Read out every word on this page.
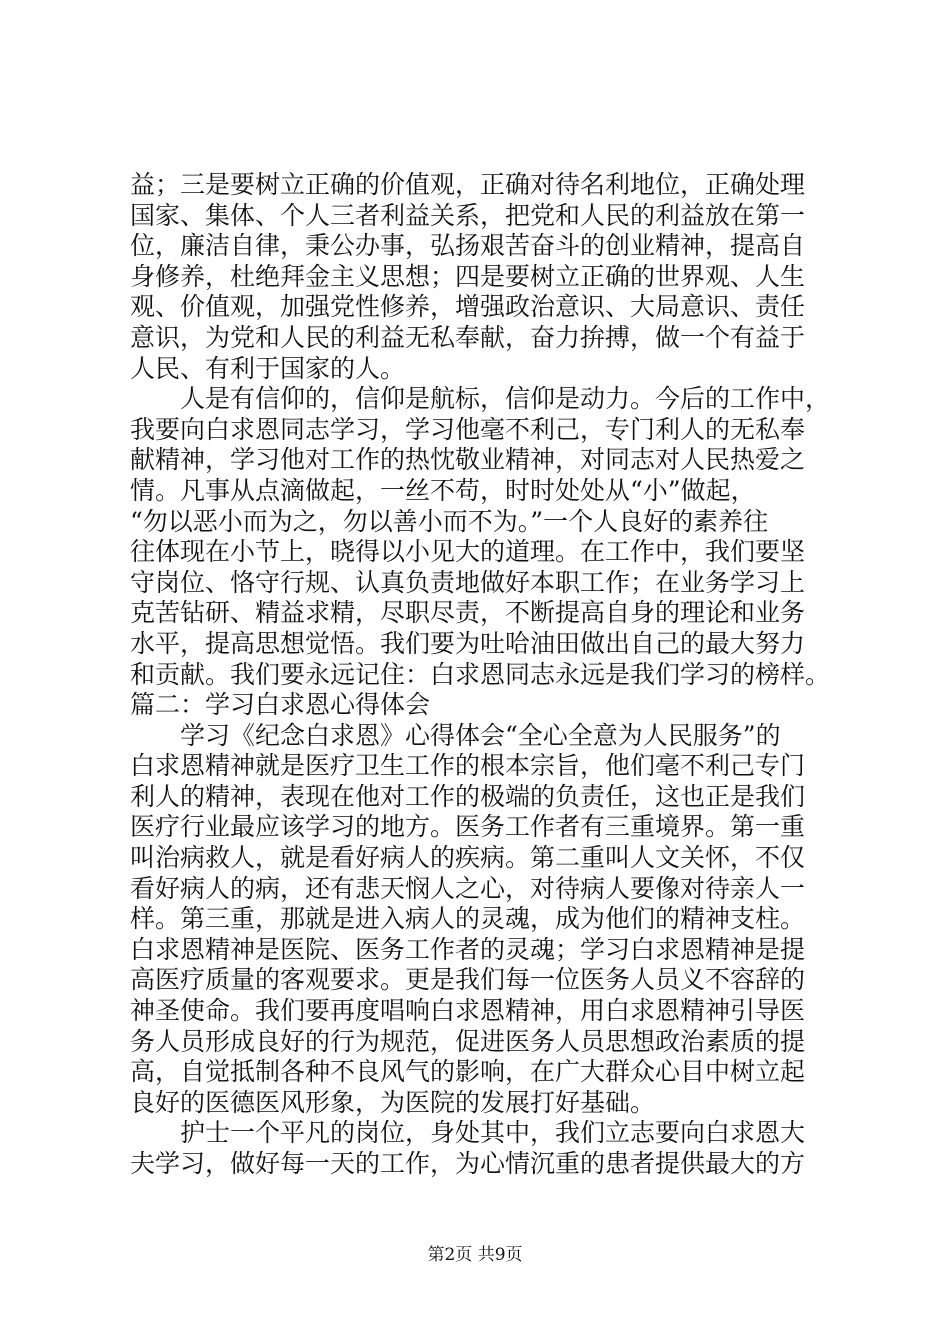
益；三是要树立正确的价值观，正确对待名利地位，正确处理
国家、集体、个人三者利益关系，把党和人民的利益放在第一
位，廉洁自律，秉公办事，弘扬艰苦奋斗的创业精神，提高自
身修养，杜绝拜金主义思想；四是要树立正确的世界观、人生
观、价值观，加强党性修养，增强政治意识、大局意识、责任
意识，为党和人民的利益无私奉献，奋力拚搏，做一个有益于
人民、有利于国家的人。
　　人是有信仰的，信仰是航标，信仰是动力。今后的工作中，
我要向白求恩同志学习，学习他毫不利己，专门利人的无私奉
献精神，学习他对工作的热忱敬业精神，对同志对人民热爱之
情。凡事从点滴做起，一丝不苟，时时处处从“小”做起，
“勿以恶小而为之，勿以善小而不为。”一个人良好的素养往
往体现在小节上，晓得以小见大的道理。在工作中，我们要坚
守岗位、恪守行规、认真负责地做好本职工作；在业务学习上
克苦钻研、精益求精，尽职尽责，不断提高自身的理论和业务
水平，提高思想觉悟。我们要为吐哈油田做出自己的最大努力
和贡献。我们要永远记住：白求恩同志永远是我们学习的榜样。
篇二：学习白求恩心得体会
　　学习《纪念白求恩》心得体会“全心全意为人民服务”的
白求恩精神就是医疗卫生工作的根本宗旨，他们毫不利己专门
利人的精神，表现在他对工作的极端的负责任，这也正是我们
医疗行业最应该学习的地方。医务工作者有三重境界。第一重
叫治病救人，就是看好病人的疾病。第二重叫人文关怀，不仅
看好病人的病，还有悲天悯人之心，对待病人要像对待亲人一
样。第三重，那就是进入病人的灵魂，成为他们的精神支柱。
白求恩精神是医院、医务工作者的灵魂；学习白求恩精神是提
高医疗质量的客观要求。更是我们每一位医务人员义不容辞的
神圣使命。我们要再度唱响白求恩精神，用白求恩精神引导医
务人员形成良好的行为规范，促进医务人员思想政治素质的提
高，自觉抵制各种不良风气的影响，在广大群众心目中树立起
良好的医德医风形象，为医院的发展打好基础。
　　护士一个平凡的岗位，身处其中，我们立志要向白求恩大
夫学习，做好每一天的工作，为心情沉重的患者提供最大的方
第2页 共9页
